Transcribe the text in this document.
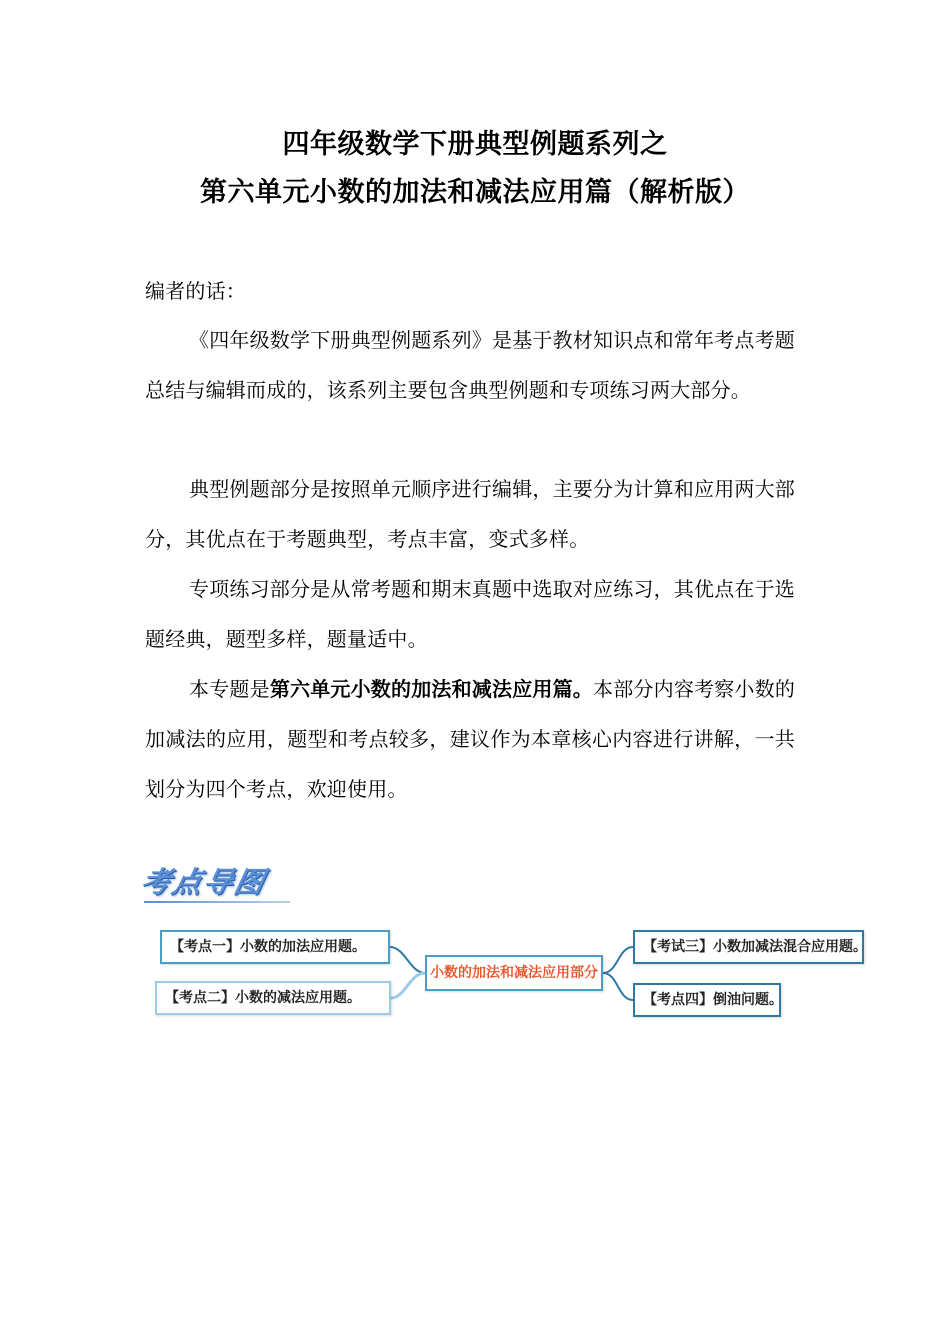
四年级数学下册典型例题系列之
第六单元小数的加法和减法应用篇（解析版）

编者的话：

《四年级数学下册典型例题系列》是基于教材知识点和常年考点考题总结与编辑而成的，该系列主要包含典型例题和专项练习两大部分。

典型例题部分是按照单元顺序进行编辑，主要分为计算和应用两大部分，其优点在于考题典型，考点丰富，变式多样。

专项练习部分是从常考题和期末真题中选取对应练习，其优点在于选题经典，题型多样，题量适中。

本专题是第六单元小数的加法和减法应用篇。本部分内容考察小数的加减法的应用，题型和考点较多，建议作为本章核心内容进行讲解，一共划分为四个考点，欢迎使用。

考点导图
【考点一】小数的加法应用题。
【考点二】小数的减法应用题。
小数的加法和减法应用部分
【考试三】小数加减法混合应用题。
【考点四】倒油问题。
